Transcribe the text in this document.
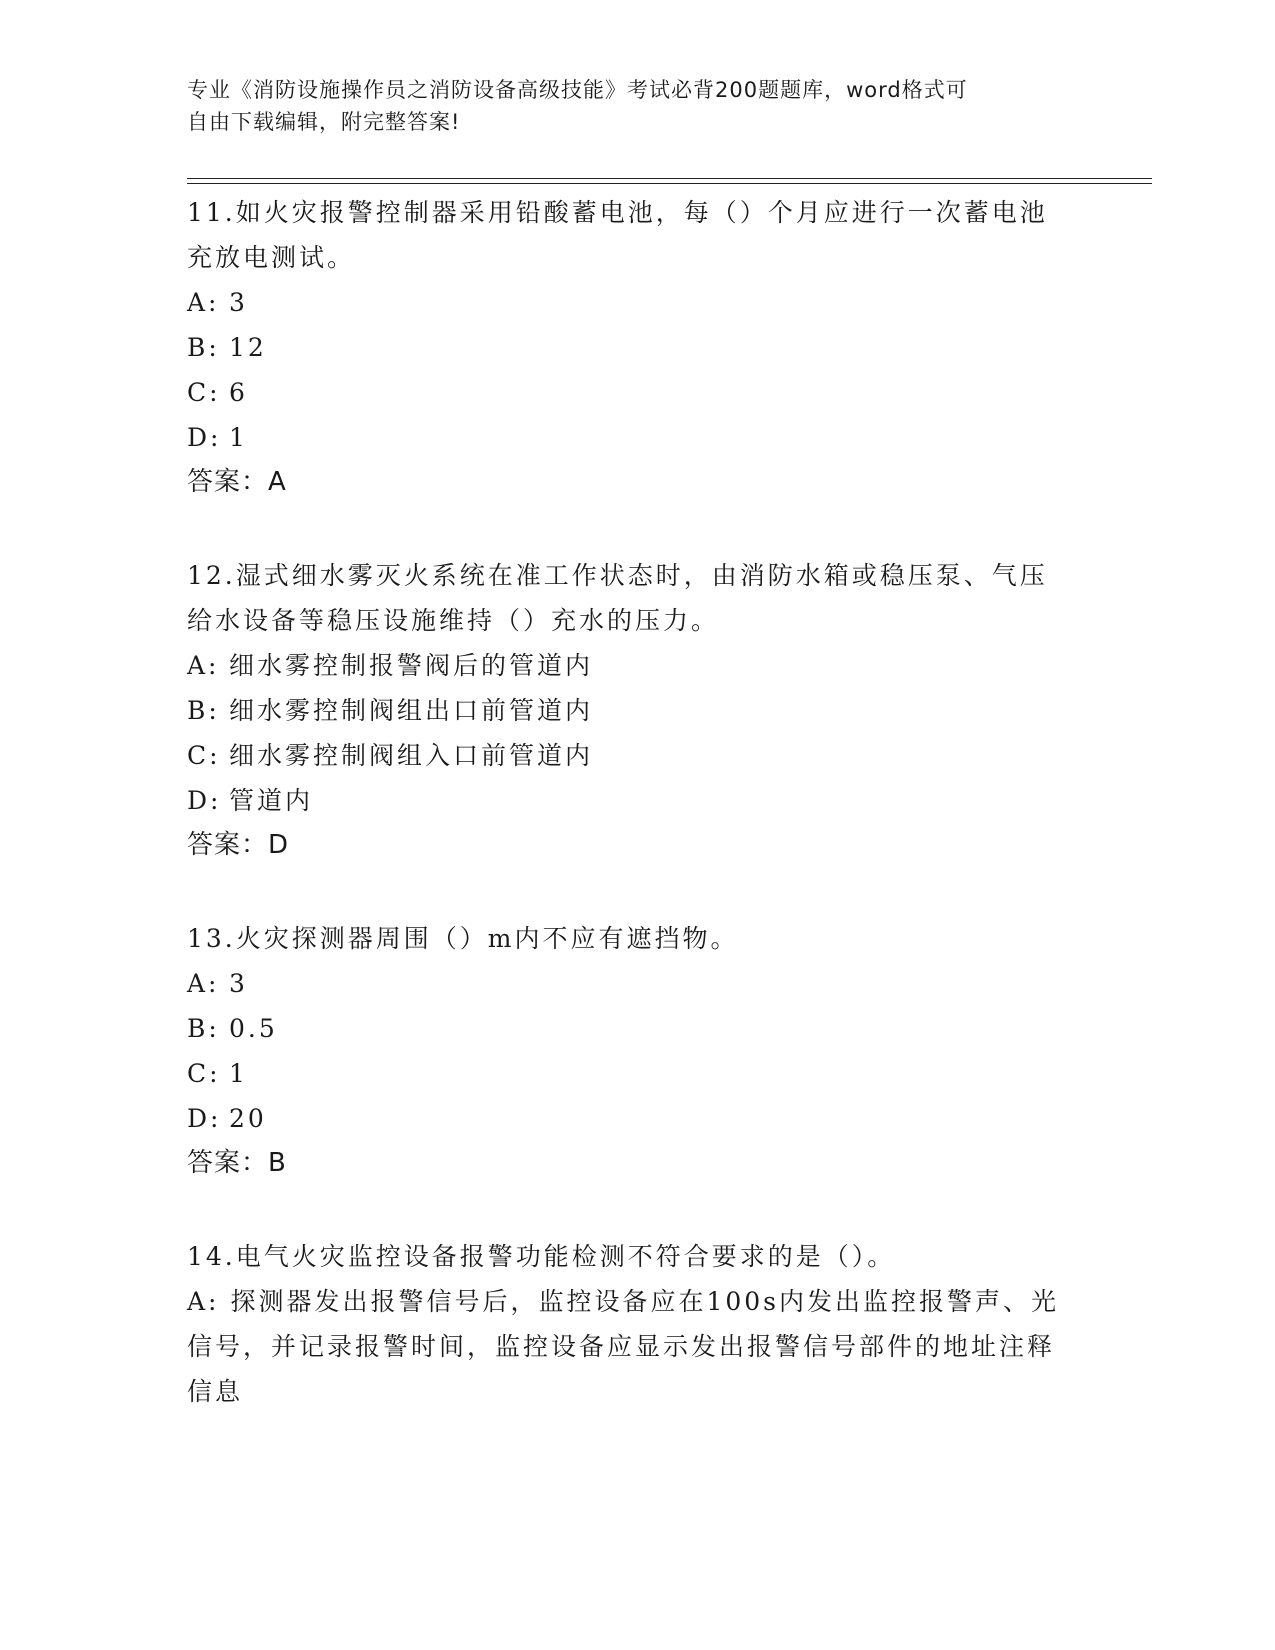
专业《消防设施操作员之消防设备高级技能》考试必背200题题库，word格式可
自由下载编辑，附完整答案!

11.如火灾报警控制器采用铅酸蓄电池，每（）个月应进行一次蓄电池充放电测试。

A: 3

B: 12

C: 6

D: 1

答案：A

12.湿式细水雾灭火系统在准工作状态时，由消防水箱或稳压泵、气压给水设备等稳压设施维持（）充水的压力。

A: 细水雾控制报警阀后的管道内

B: 细水雾控制阀组出口前管道内

C: 细水雾控制阀组入口前管道内

D: 管道内

答案：D

13.火灾探测器周围（）m内不应有遮挡物。

A: 3

B: 0.5

C: 1

D: 20

答案：B

14.电气火灾监控设备报警功能检测不符合要求的是（）。

A: 探测器发出报警信号后，监控设备应在100s内发出监控报警声、光信号，并记录报警时间，监控设备应显示发出报警信号部件的地址注释信息
